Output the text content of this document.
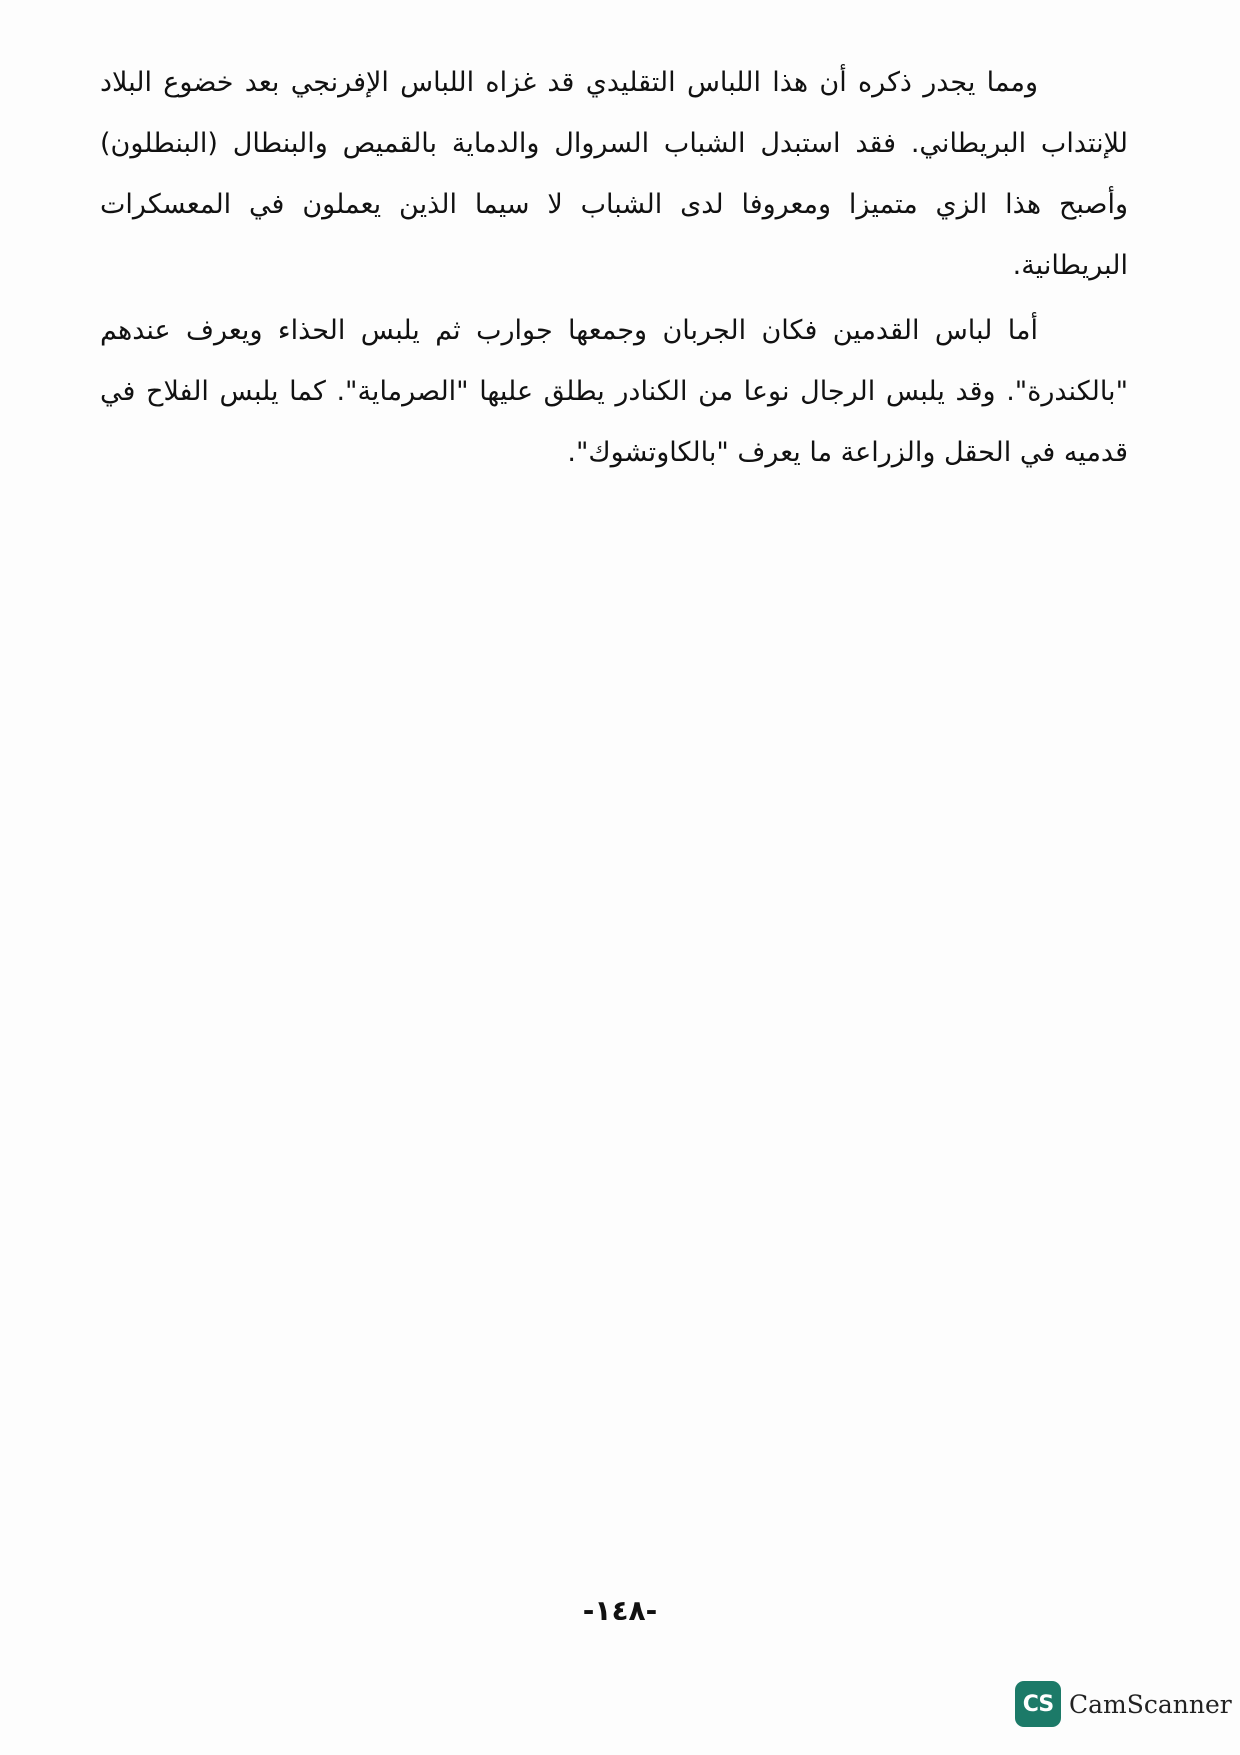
ومما يجدر ذكره أن هذا اللباس التقليدي قد غزاه اللباس الإفرنجي بعد خضوع البلاد للإنتداب البريطاني. فقد استبدل الشباب السروال والدماية بالقميص والبنطال (البنطلون) وأصبح هذا الزي متميزا ومعروفا لدى الشباب لا سيما الذين يعملون في المعسكرات البريطانية.

أما لباس القدمين فكان الجربان وجمعها جوارب ثم يلبس الحذاء ويعرف عندهم "بالكندرة". وقد يلبس الرجال نوعا من الكنادر يطلق عليها "الصرماية". كما يلبس الفلاح في قدميه في الحقل والزراعة ما يعرف "بالكاوتشوك".

-١٤٨-
CS CamScanner
